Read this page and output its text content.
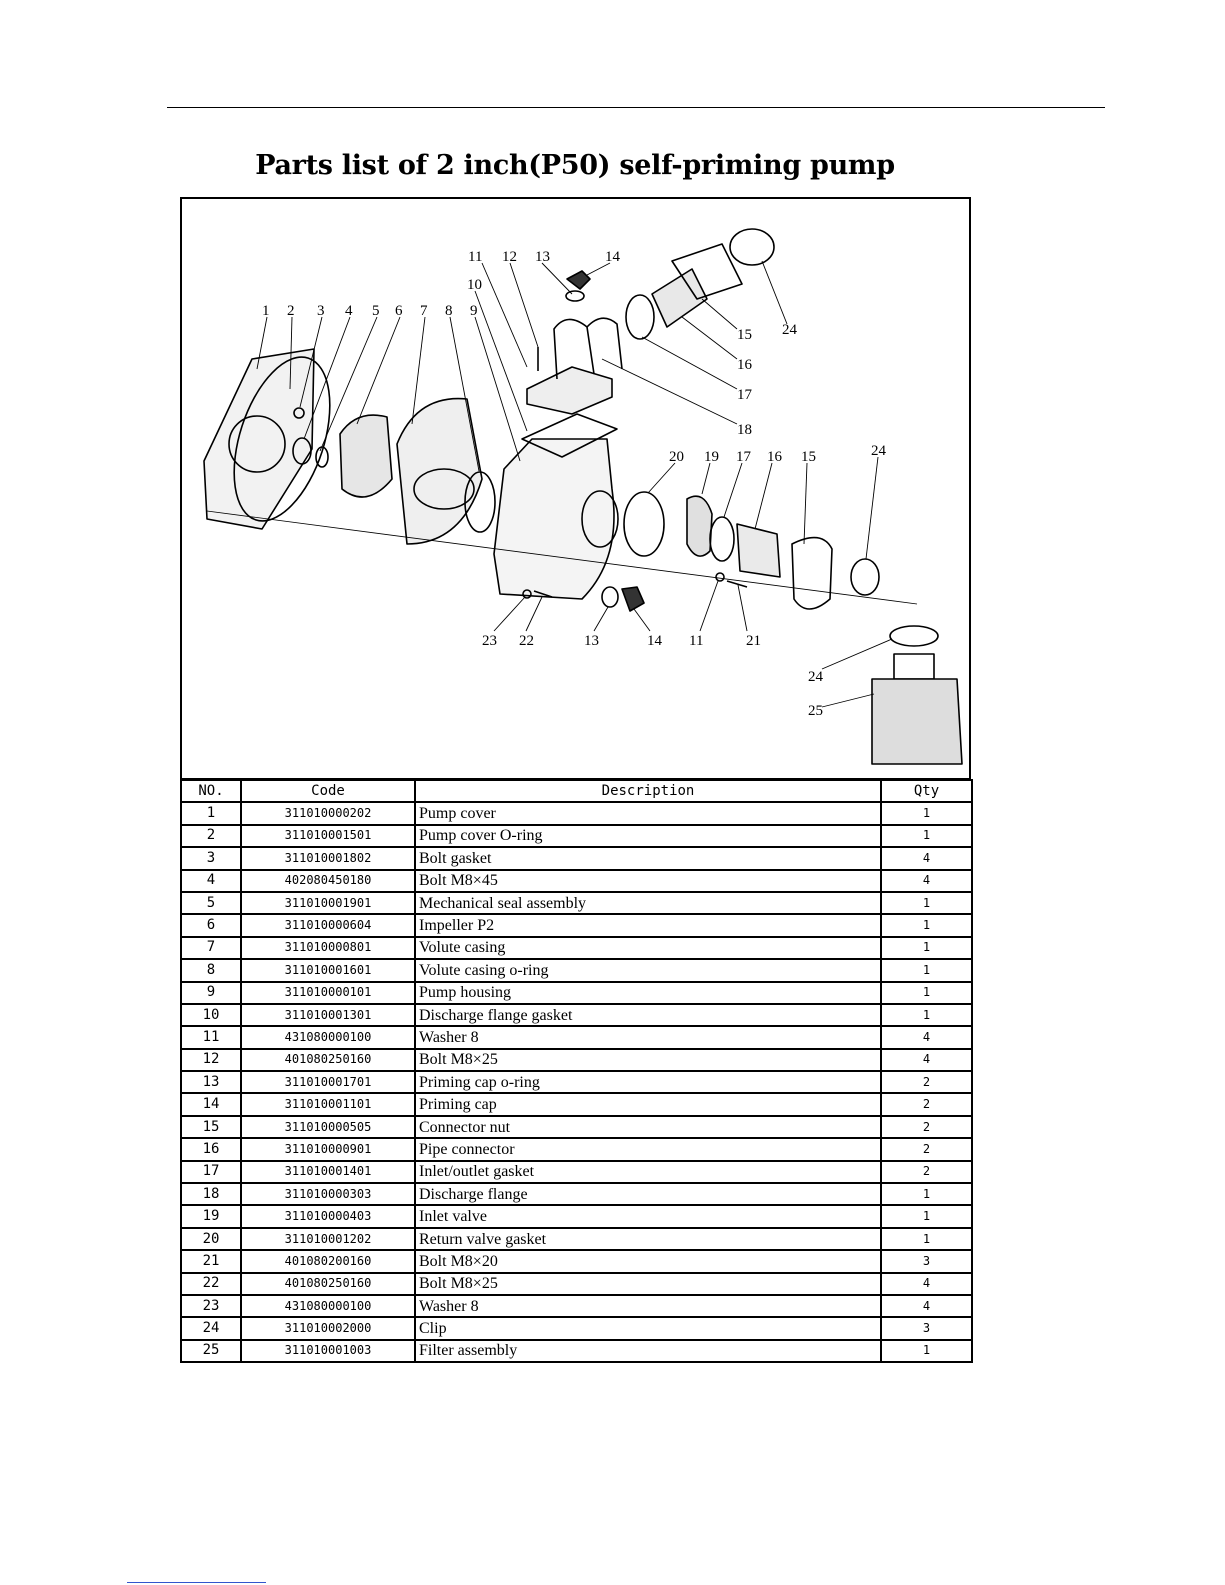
Parts list of 2 inch(P50) self-priming pump
1 2 3 4 5 6 7 8 9
10
11 12 13	14
15
16
17
18
24
20 19 17 16 15	24
23 22	13	14 11	21
24
25
NO.	Code	Description	Qty
1	311010000202	Pump cover	1
2	311010001501	Pump cover O-ring	1
3	311010001802	Bolt gasket	4
4	402080450180	Bolt M8×45	4
5	311010001901	Mechanical seal assembly	1
6	311010000604	Impeller P2	1
7	311010000801	Volute casing	1
8	311010001601	Volute casing o-ring	1
9	311010000101	Pump housing	1
10	311010001301	Discharge flange gasket	1
11	431080000100	Washer 8	4
12	401080250160	Bolt M8×25	4
13	311010001701	Priming cap o-ring	2
14	311010001101	Priming cap	2
15	311010000505	Connector nut	2
16	311010000901	Pipe connector	2
17	311010001401	Inlet/outlet gasket	2
18	311010000303	Discharge flange	1
19	311010000403	Inlet valve	1
20	311010001202	Return valve gasket	1
21	401080200160	Bolt M8×20	3
22	401080250160	Bolt M8×25	4
23	431080000100	Washer 8	4
24	311010002000	Clip	3
25	311010001003	Filter assembly	1
